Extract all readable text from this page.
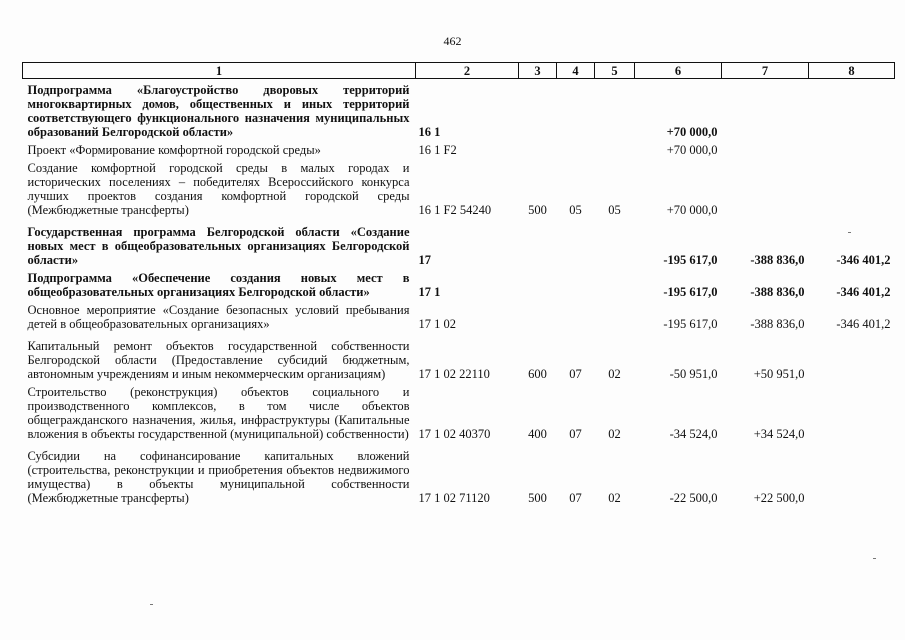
462
1	2	3	4	5	6	7	8
Подпрограмма «Благоустройство дворовых территорий многоквартирных домов, общественных и иных территорий соответствующего функционального назначения муниципальных образований Белгородской области»	16 1				+70 000,0		
Проект «Формирование комфортной городской среды»	16 1 F2				+70 000,0		
Создание комфортной городской среды в малых городах и исторических поселениях – победителях Всероссийского конкурса лучших проектов создания комфортной городской среды (Межбюджетные трансферты)	16 1 F2 54240	500	05	05	+70 000,0		
Государственная программа Белгородской области «Создание новых мест в общеобразовательных организациях Белгородской области»	17				-195 617,0	-388 836,0	-346 401,2
Подпрограмма «Обеспечение создания новых мест в общеобразовательных организациях Белгородской области»	17 1				-195 617,0	-388 836,0	-346 401,2
Основное мероприятие «Создание безопасных условий пребывания детей в общеобразовательных организациях»	17 1 02				-195 617,0	-388 836,0	-346 401,2
Капитальный ремонт объектов государственной собственности Белгородской области (Предоставление субсидий бюджетным, автономным учреждениям и иным некоммерческим организациям)	17 1 02 22110	600	07	02	-50 951,0	+50 951,0	
Строительство (реконструкция) объектов социального и производственного комплексов, в том числе объектов общегражданского назначения, жилья, инфраструктуры (Капитальные вложения в объекты государственной (муниципальной) собственности)	17 1 02 40370	400	07	02	-34 524,0	+34 524,0	
Субсидии на софинансирование капитальных вложений (строительства, реконструкции и приобретения объектов недвижимого имущества) в объекты муниципальной собственности (Межбюджетные трансферты)	17 1 02 71120	500	07	02	-22 500,0	+22 500,0	
